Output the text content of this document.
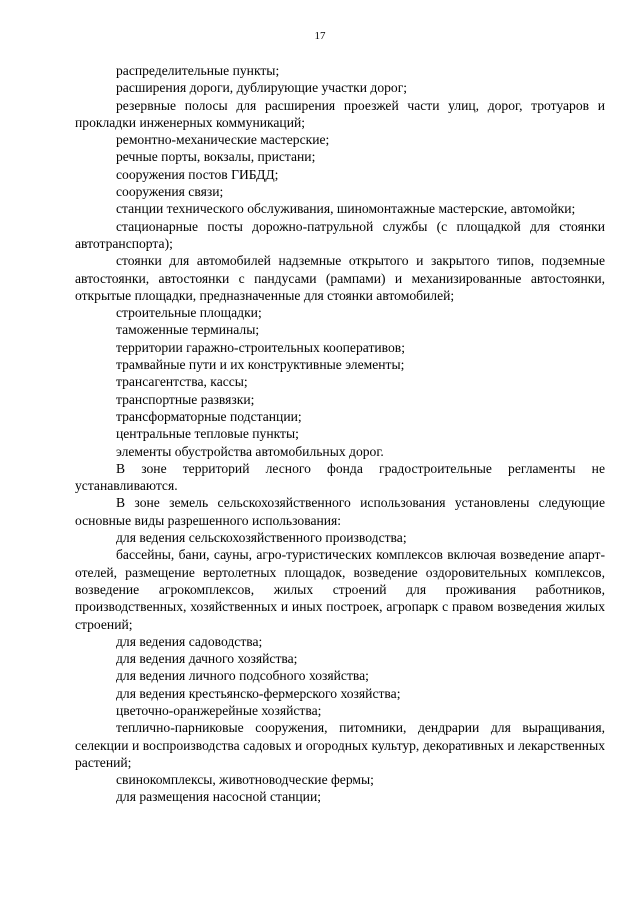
17

распределительные пункты;

расширения дороги, дублирующие участки дорог;

резервные полосы для расширения проезжей части улиц, дорог, тротуаров и прокладки инженерных коммуникаций;

ремонтно-механические мастерские;

речные порты, вокзалы, пристани;

сооружения постов ГИБДД;

сооружения связи;

станции технического обслуживания, шиномонтажные мастерские, автомойки;

стационарные посты дорожно-патрульной службы (с площадкой для стоянки автотранспорта);

стоянки для автомобилей надземные открытого и закрытого типов, подземные автостоянки, автостоянки с пандусами (рампами) и механизированные автостоянки, открытые площадки, предназначенные для стоянки автомобилей;

строительные площадки;

таможенные терминалы;

территории гаражно-строительных кооперативов;

трамвайные пути и их конструктивные элементы;

трансагентства, кассы;

транспортные развязки;

трансформаторные подстанции;

центральные тепловые пункты;

элементы обустройства автомобильных дорог.

В зоне территорий лесного фонда градостроительные регламенты не устанавливаются.

В зоне земель сельскохозяйственного использования установлены следующие основные виды разрешенного использования:

для ведения сельскохозяйственного производства;

бассейны, бани, сауны, агро-туристических комплексов включая возведение апарт-отелей, размещение вертолетных площадок, возведение оздоровительных комплексов, возведение агрокомплексов, жилых строений для проживания работников, производственных, хозяйственных и иных построек, агропарк с правом возведения жилых строений;

для ведения садоводства;

для ведения дачного хозяйства;

для ведения личного подсобного хозяйства;

для ведения крестьянско-фермерского хозяйства;

цветочно-оранжерейные хозяйства;

теплично-парниковые сооружения, питомники, дендрарии для выращивания, селекции и воспроизводства садовых и огородных культур, декоративных и лекарственных растений;

свинокомплексы, животноводческие фермы;

для размещения насосной станции;
